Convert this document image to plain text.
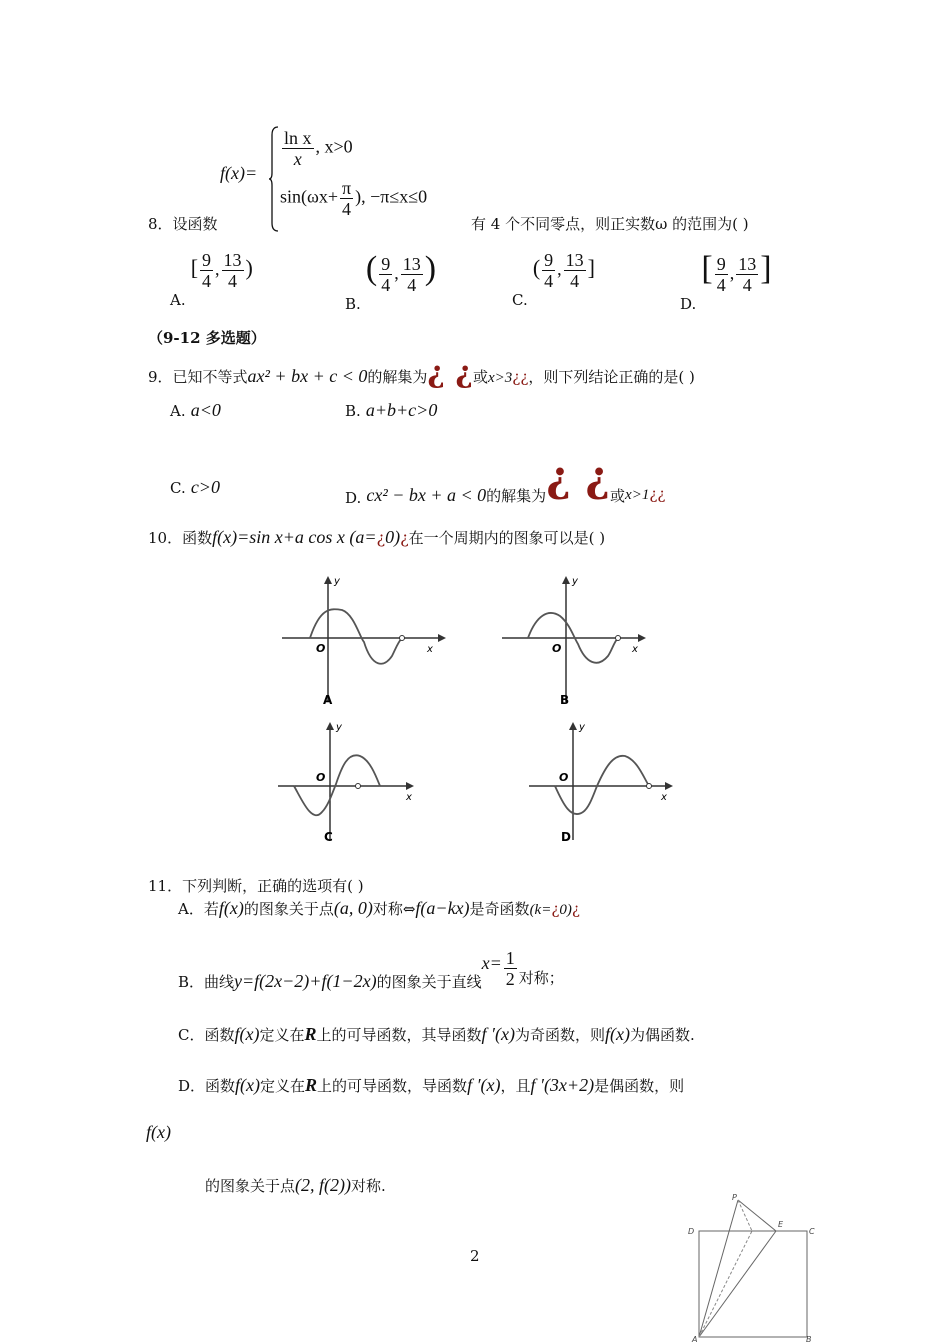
8．设函数
f(x)=
$\frac{\text{ln x}}{x}$ , x>0
$\sin(\omega x+ \frac{\pi}{4}$ ), −π≤x≤0
有 4 个不同零点，则正实数ω 的范围为( )
A. [ $\frac{9}{4}$ , $\frac{13}{4}$ )
B. ( $\frac{9}{4}$ , $\frac{13}{4}$ )
C. ( $\frac{9}{4}$ , $\frac{13}{4}$ ]
D. [ $\frac{9}{4}$ , $\frac{13}{4}$ ]
（9-12 多选题）
9．已知不等式ax² + bx + c < 0的解集为¿ ¿或x>3¿¿，则下列结论正确的是( )
A. a<0	B. a+b+c>0
C. c>0
D. cx² − bx + a < 0的解集为¿ ¿或x>1¿¿
10．函数f(x)=sin x+a cos x (a=¿0)¿在一个周期内的图象可以是( )
y
x
O
A
y
x
O
B
y
x
O
C
y
x
O
D
11．下列判断，正确的选项有( )
A．若f(x)的图象关于点(a, 0)对称⇔f(a−kx)是奇函数(k=¿0)¿
B．曲线y=f(2x−2)+f(1−2x)的图象关于直线$x= \frac{1}{2}$ 对称；
C．函数f(x)定义在R上的可导函数，其导函数f ′(x)为奇函数，则f(x)为偶函数.
D．函数f(x)定义在R上的可导函数，导函数f ′(x)，且f ′(3x+2)是偶函数，则
f(x)
的图象关于点(2, f(2))对称.
2
P
D
E
C
A	B
